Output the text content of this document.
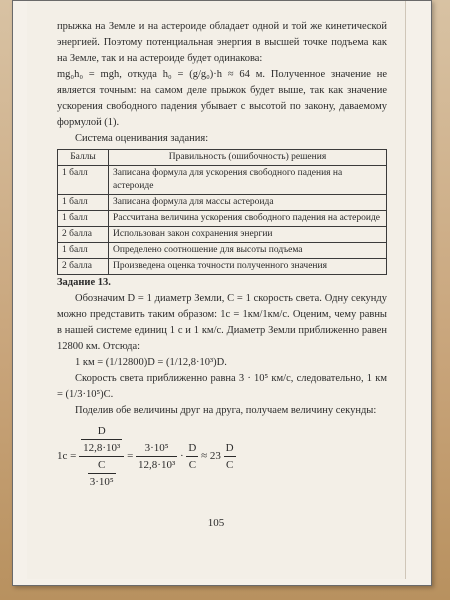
прыжка на Земле и на астероиде обладает одной и той же кинетической энергией. Поэтому потенциальная энергия в высшей точке подъема как на Земле, так и на астероиде будет одинакова:

mg₀h₀ = mgh, откуда h₀ = (g/g₀)·h ≈ 64 м. Полученное значение не является точным: на самом деле прыжок будет выше, так как значение ускорения свободного падения убывает с высотой по закону, даваемому формулой (1).

Система оценивания задания:

Баллы	Правильность (ошибочность) решения
1 балл	Записана формула для ускорения свободного падения на астероиде
1 балл	Записана формула для массы астероида
1 балл	Рассчитана величина ускорения свободного падения на астероиде
2 балла	Использован закон сохранения энергии
1 балл	Определено соотношение для высоты подъема
2 балла	Произведена оценка точности полученного значения

Задание 13.

Обозначим D = 1 диаметр Земли, C = 1 скорость света. Одну секунду можно представить таким образом: 1с = 1км/1км/с. Оценим, чему равны в нашей системе единиц 1 с и 1 км/с. Диаметр Земли приближенно равен 12800 км. Отсюда:

1 км = (1/12800)D = (1/12,8·10³)D.

Скорость света приближенно равна 3 · 10⁵ км/с, следовательно, 1 км = (1/3·10⁵)C.

Поделив обе величины друг на друга, получаем величину секунды:

$1с = \frac{\frac{D}{\text{12,8·10³}}}{\frac{C}{\text{3·10⁵}}} = \frac{\text{3·10⁵}}{\text{12,8·10³}} \cdot \frac{D}{C} \approx 23 \frac{D}{C}$
105
